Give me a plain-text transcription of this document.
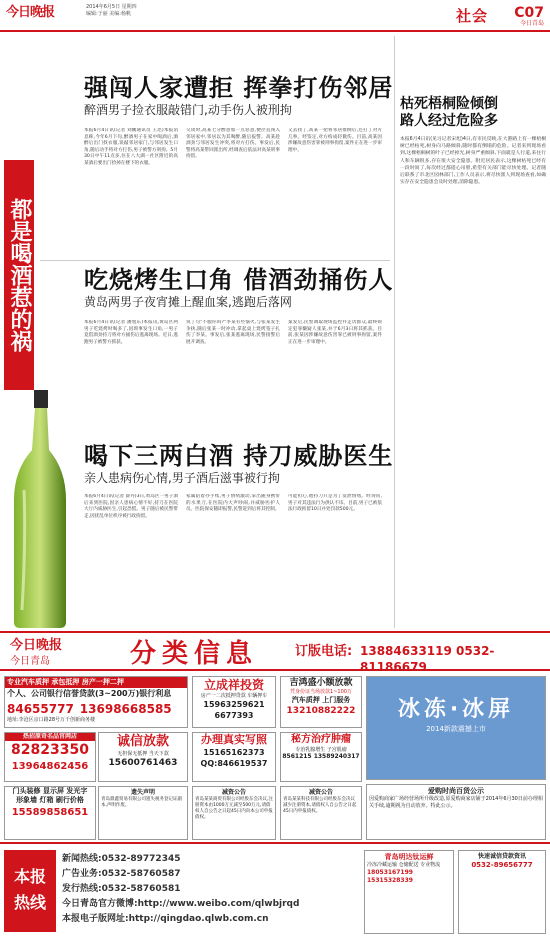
今日晚报	2014年6月5日 星期四
编辑:于丽 美编:杨帆	社会 C07
今日青岛
都是喝酒惹的祸
强闯人家遭拒 挥拳打伤邻居
醉酒男子捡衣服敲错门,动手伤人被刑拘
本报6月4日讯(记者 刘鹏通讯员 王迅)本报消息称,今年6月下旬,醉酒男子在家中喝酒后,酒醉后出门找衣服,误敲邻居家门,与邻居发生口角,随后动手将对方打伤,男子被警方刑拘。5月30日中午11点多,住在八大湖一社区附近的高某酒后要出门捡掉在楼下的衣服。
交谈时,高某七分醉意加一点怒意,便径直闯入邻居家中,邻居以为其喝醉,随后报警。高某趁酒劲与邻居发生冲突,将对方打伤。事发后,民警将高某带回派出所,经调查后依法对高某刑事拘留。
又去找了,高某一把将邻居推倒后,还打了对方几拳。经鉴定,对方构成轻微伤。目前,高某因涉嫌故意伤害罪被刑事拘留,案件正在进一步审理中。
吃烧烤生口角 借酒劲捅伤人
黄岛两男子夜宵摊上醒血案,逃跑后落网
本报6月4日讯(记者 潘旭东)本报讯,黄岛区两男子吃烧烤时喝多了,因琐事发生口角,一男子竟借酒劲持刀将对方捅伤后逃离现场。近日,逃跑男子被警方抓获。
说了句"不服你吗?"李某有些恼火,与张某发生争执,随后张某一时冲动,拿起桌上烧烤签子扎伤了李某。事发后,张某逃离现场,民警接警后展开调查。
案发后,民警调取现场监控并走访群众,最终锁定犯罪嫌疑人张某,并于6月3日将其抓获。目前,张某因涉嫌故意伤害罪已被刑事拘留,案件正在进一步审理中。
喝下三两白酒 持刀威胁医生
亲人患病伤心情,男子酒后滋事被行拘
本报6月4日讯(记者 薛丹)3日,黄岛区一男子酒后来到医院,因亲人患病心情不好,持刀在医院大厅内威胁医生,引起恐慌。男子随后被民警带走,因扰乱单位秩序被行政拘留。
家属陪着办手续,男子情绪激动,拿出随身携带的水果刀,在医院内大声吵闹,并威胁医护人员。医院保安随即报警,民警赶到后将其控制。
可能担心,他持刀只是为了发泄情绪。经询问,男子对其违法行为供认不讳。目前,男子已被依法行政拘留10日并处罚款500元。
枯死梧桐险倾倒
路人经过危险多
本报6月4日讯(见习记者宋旭)4日,有市民反映,在大港路上有一棵梧桐树已经枯死,树身向马路倾斜,随时都有倒塌的危险。记者来到现场看到,这棵梧桐树的叶子已经掉光,树身严重倾斜,下面就是人行道,来往行人和车辆很多,存在很大安全隐患。附近居民表示,这棵树枯死已经有一段时间了,每次经过都提心吊胆,希望有关部门能尽快处理。记者随后联系了市北区园林部门,工作人员表示,将尽快派人到现场查看,如确实存在安全隐患会及时处理,消除隐患。
今日晚报
今日青岛	分类信息	订版电话: 13884633119 0532-81186679
专业汽车质押 承包抵押 房产一押二押
个人、公司银行信誉贷款(3~200万)银行利息
84655777 13698668585
地址:李沧区京口路28号万千创新商务楼
立成祥投资
房产一二次抵押贷款 车辆押车
15963259621
6677393
吉鸿盛小额放款
凭身份证当场放款1~100万
汽车质押 上门服务
13210882222	冰冻·冰屏
2014新款震撼上市
热招原奇名品官网店
82823350
13964862456
诚信放款
无担保无抵押 当天下款
15600761463
办理真实写照
15165162373
QQ:846619537
秘方治疗肿瘤
专治乳腺增生 子宫肌瘤
8561215 13589240317
门头装修 显示屏 发光字
形象墙 灯箱 刷行价格
15589858651
遗失声明
青岛鼎鑫贸易有限公司遗失税务登记证副本,声明作废。
减资公告
青岛某某商贸有限公司经股东会决议,注册资本由1000万元减至500万元,请债权人自公告之日起45日内向本公司申报债权。
减资公告
青岛某某科技有限公司经股东会决议减少注册资本,请债权人自公告之日起45日内申报债权。
爱购时尚百货公示
因爱购商家广场经营场所升级改造,原爱购商家店铺于2014年6月30日前办理相关手续,逾期视为自动放弃。特此公示。
本报
热线
新闻热线:0532-89772345
广告业务:0532-58760587
发行热线:0532-58760581
今日青岛官方微博:http://www.weibo.com/qlwbjrqd
本报电子版网址:http://qingdao.qlwb.com.cn
青岛明达钛运鲜
冷冻冷藏运输 仓储配送 专业物流
18053167199 15315328339
快速诚信贷款资讯
0532-89656777
